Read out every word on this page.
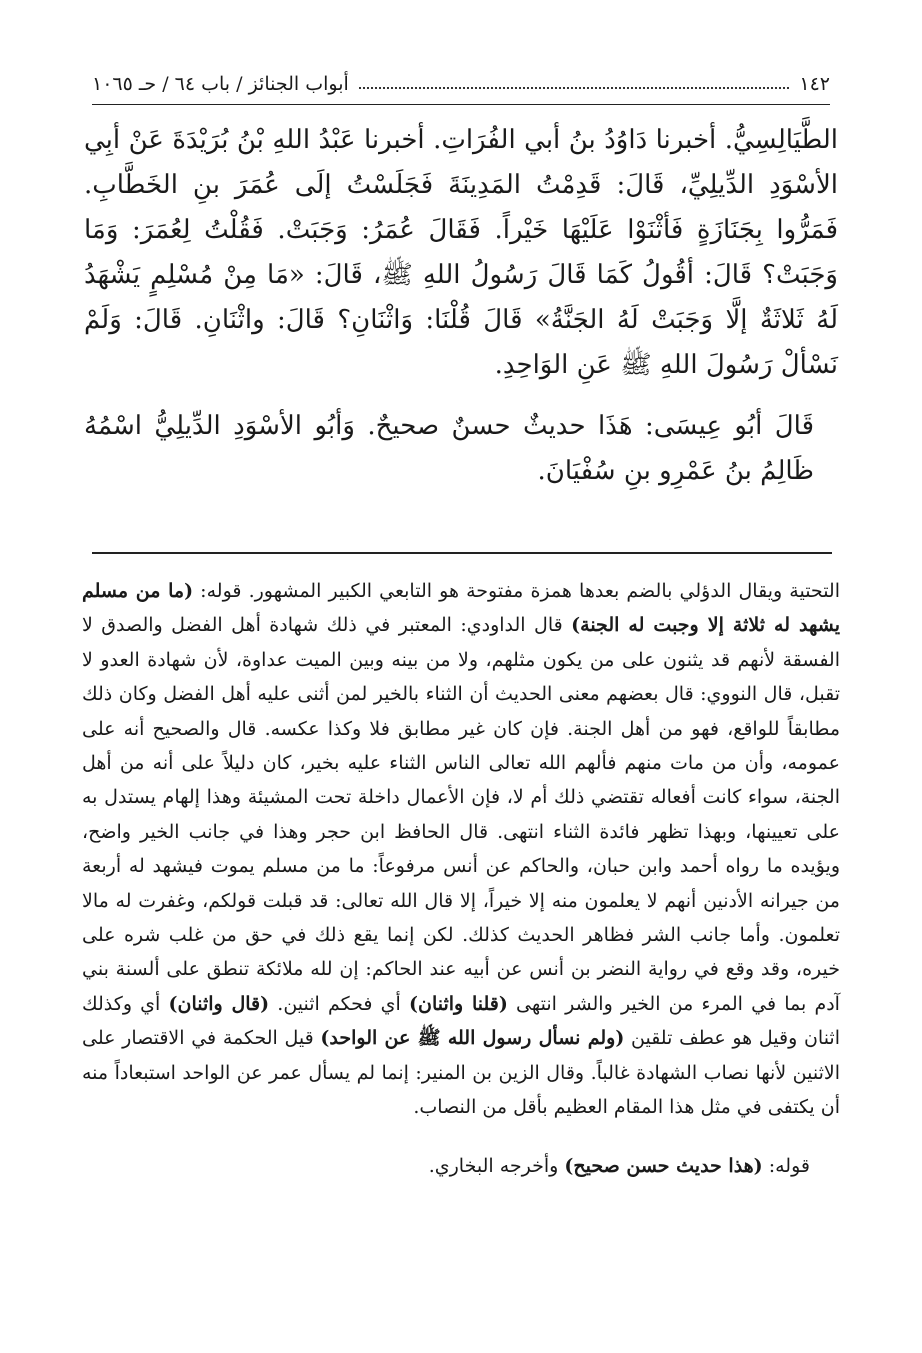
١٤٢
أبواب الجنائز / باب ٦٤ / حـ ١٠٦٥

الطَّيَالِسِيُّ. أخبرنا دَاوُدُ بنُ أبي الفُرَاتِ. أخبرنا عَبْدُ اللهِ بْنُ بُرَيْدَةَ عَنْ أبِي الأسْوَدِ الدِّيلِيِّ، قَالَ: قَدِمْتُ المَدِينَةَ فَجَلَسْتُ إلَى عُمَرَ بنِ الخَطَّابِ. فَمَرُّوا بِجَنَازَةٍ فَأثْنَوْا عَلَيْهَا خَيْراً. فَقَالَ عُمَرُ: وَجَبَتْ. فَقُلْتُ لِعُمَرَ: وَمَا وَجَبَتْ؟ قَالَ: أقُولُ كَمَا قَالَ رَسُولُ اللهِ ﷺ، قَالَ: «مَا مِنْ مُسْلِمٍ يَشْهَدُ لَهُ ثَلاثَةٌ إلَّا وَجَبَتْ لَهُ الجَنَّةُ» قَالَ قُلْنَا: وَاثْنَانِ؟ قَالَ: واثْنَانِ. قَالَ: وَلَمْ نَسْألْ رَسُولَ اللهِ ﷺ عَنِ الوَاحِدِ.

قَالَ أبُو عِيسَى: هَذَا حديثٌ حسنٌ صحيحٌ. وَأبُو الأسْوَدِ الدِّيلِيُّ اسْمُهُ ظَالِمُ بنُ عَمْرِو بنِ سُفْيَانَ.

التحتية ويقال الدؤلي بالضم بعدها همزة مفتوحة هو التابعي الكبير المشهور. قوله: (ما من مسلم يشهد له ثلاثة إلا وجبت له الجنة) قال الداودي: المعتبر في ذلك شهادة أهل الفضل والصدق لا الفسقة لأنهم قد يثنون على من يكون مثلهم، ولا من بينه وبين الميت عداوة، لأن شهادة العدو لا تقبل، قال النووي: قال بعضهم معنى الحديث أن الثناء بالخير لمن أثنى عليه أهل الفضل وكان ذلك مطابقاً للواقع، فهو من أهل الجنة. فإن كان غير مطابق فلا وكذا عكسه. قال والصحيح أنه على عمومه، وأن من مات منهم فألهم الله تعالى الناس الثناء عليه بخير، كان دليلاً على أنه من أهل الجنة، سواء كانت أفعاله تقتضي ذلك أم لا، فإن الأعمال داخلة تحت المشيئة وهذا إلهام يستدل به على تعيينها، وبهذا تظهر فائدة الثناء انتهى. قال الحافظ ابن حجر وهذا في جانب الخير واضح، ويؤيده ما رواه أحمد وابن حبان، والحاكم عن أنس مرفوعاً: ما من مسلم يموت فيشهد له أربعة من جيرانه الأدنين أنهم لا يعلمون منه إلا خيراً، إلا قال الله تعالى: قد قبلت قولكم، وغفرت له مالا تعلمون. وأما جانب الشر فظاهر الحديث كذلك. لكن إنما يقع ذلك في حق من غلب شره على خيره، وقد وقع في رواية النضر بن أنس عن أبيه عند الحاكم: إن لله ملائكة تنطق على ألسنة بني آدم بما في المرء من الخير والشر انتهى (قلنا واثنان) أي فحكم اثنين. (قال واثنان) أي وكذلك اثنان وقيل هو عطف تلقين (ولم نسأل رسول الله ﷺ عن الواحد) قيل الحكمة في الاقتصار على الاثنين لأنها نصاب الشهادة غالباً. وقال الزين بن المنير: إنما لم يسأل عمر عن الواحد استبعاداً منه أن يكتفى في مثل هذا المقام العظيم بأقل من النصاب.

قوله: (هذا حديث حسن صحيح) وأخرجه البخاري.
